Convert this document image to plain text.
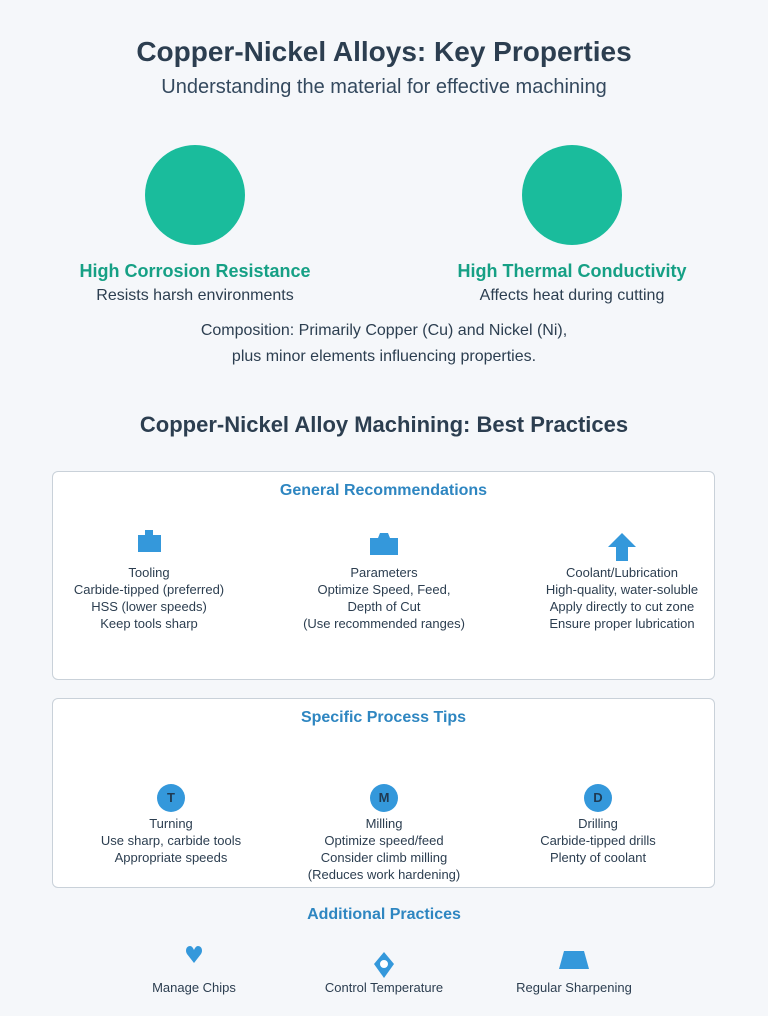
Copper-Nickel Alloys: Key Properties
Understanding the material for effective machining
High Corrosion Resistance
Resists harsh environments
High Thermal Conductivity
Affects heat during cutting
Composition: Primarily Copper (Cu) and Nickel (Ni),
plus minor elements influencing properties.
Copper-Nickel Alloy Machining: Best Practices
General Recommendations
Tooling
Carbide-tipped (preferred)
HSS (lower speeds)
Keep tools sharp
Parameters
Optimize Speed, Feed,
Depth of Cut
(Use recommended ranges)
Coolant/Lubrication
High-quality, water-soluble
Apply directly to cut zone
Ensure proper lubrication
Specific Process Tips
T	M	D
Turning
Use sharp, carbide tools
Appropriate speeds
Milling
Optimize speed/feed
Consider climb milling
(Reduces work hardening)
Drilling
Carbide-tipped drills
Plenty of coolant
Additional Practices
Manage Chips	Control Temperature	Regular Sharpening
